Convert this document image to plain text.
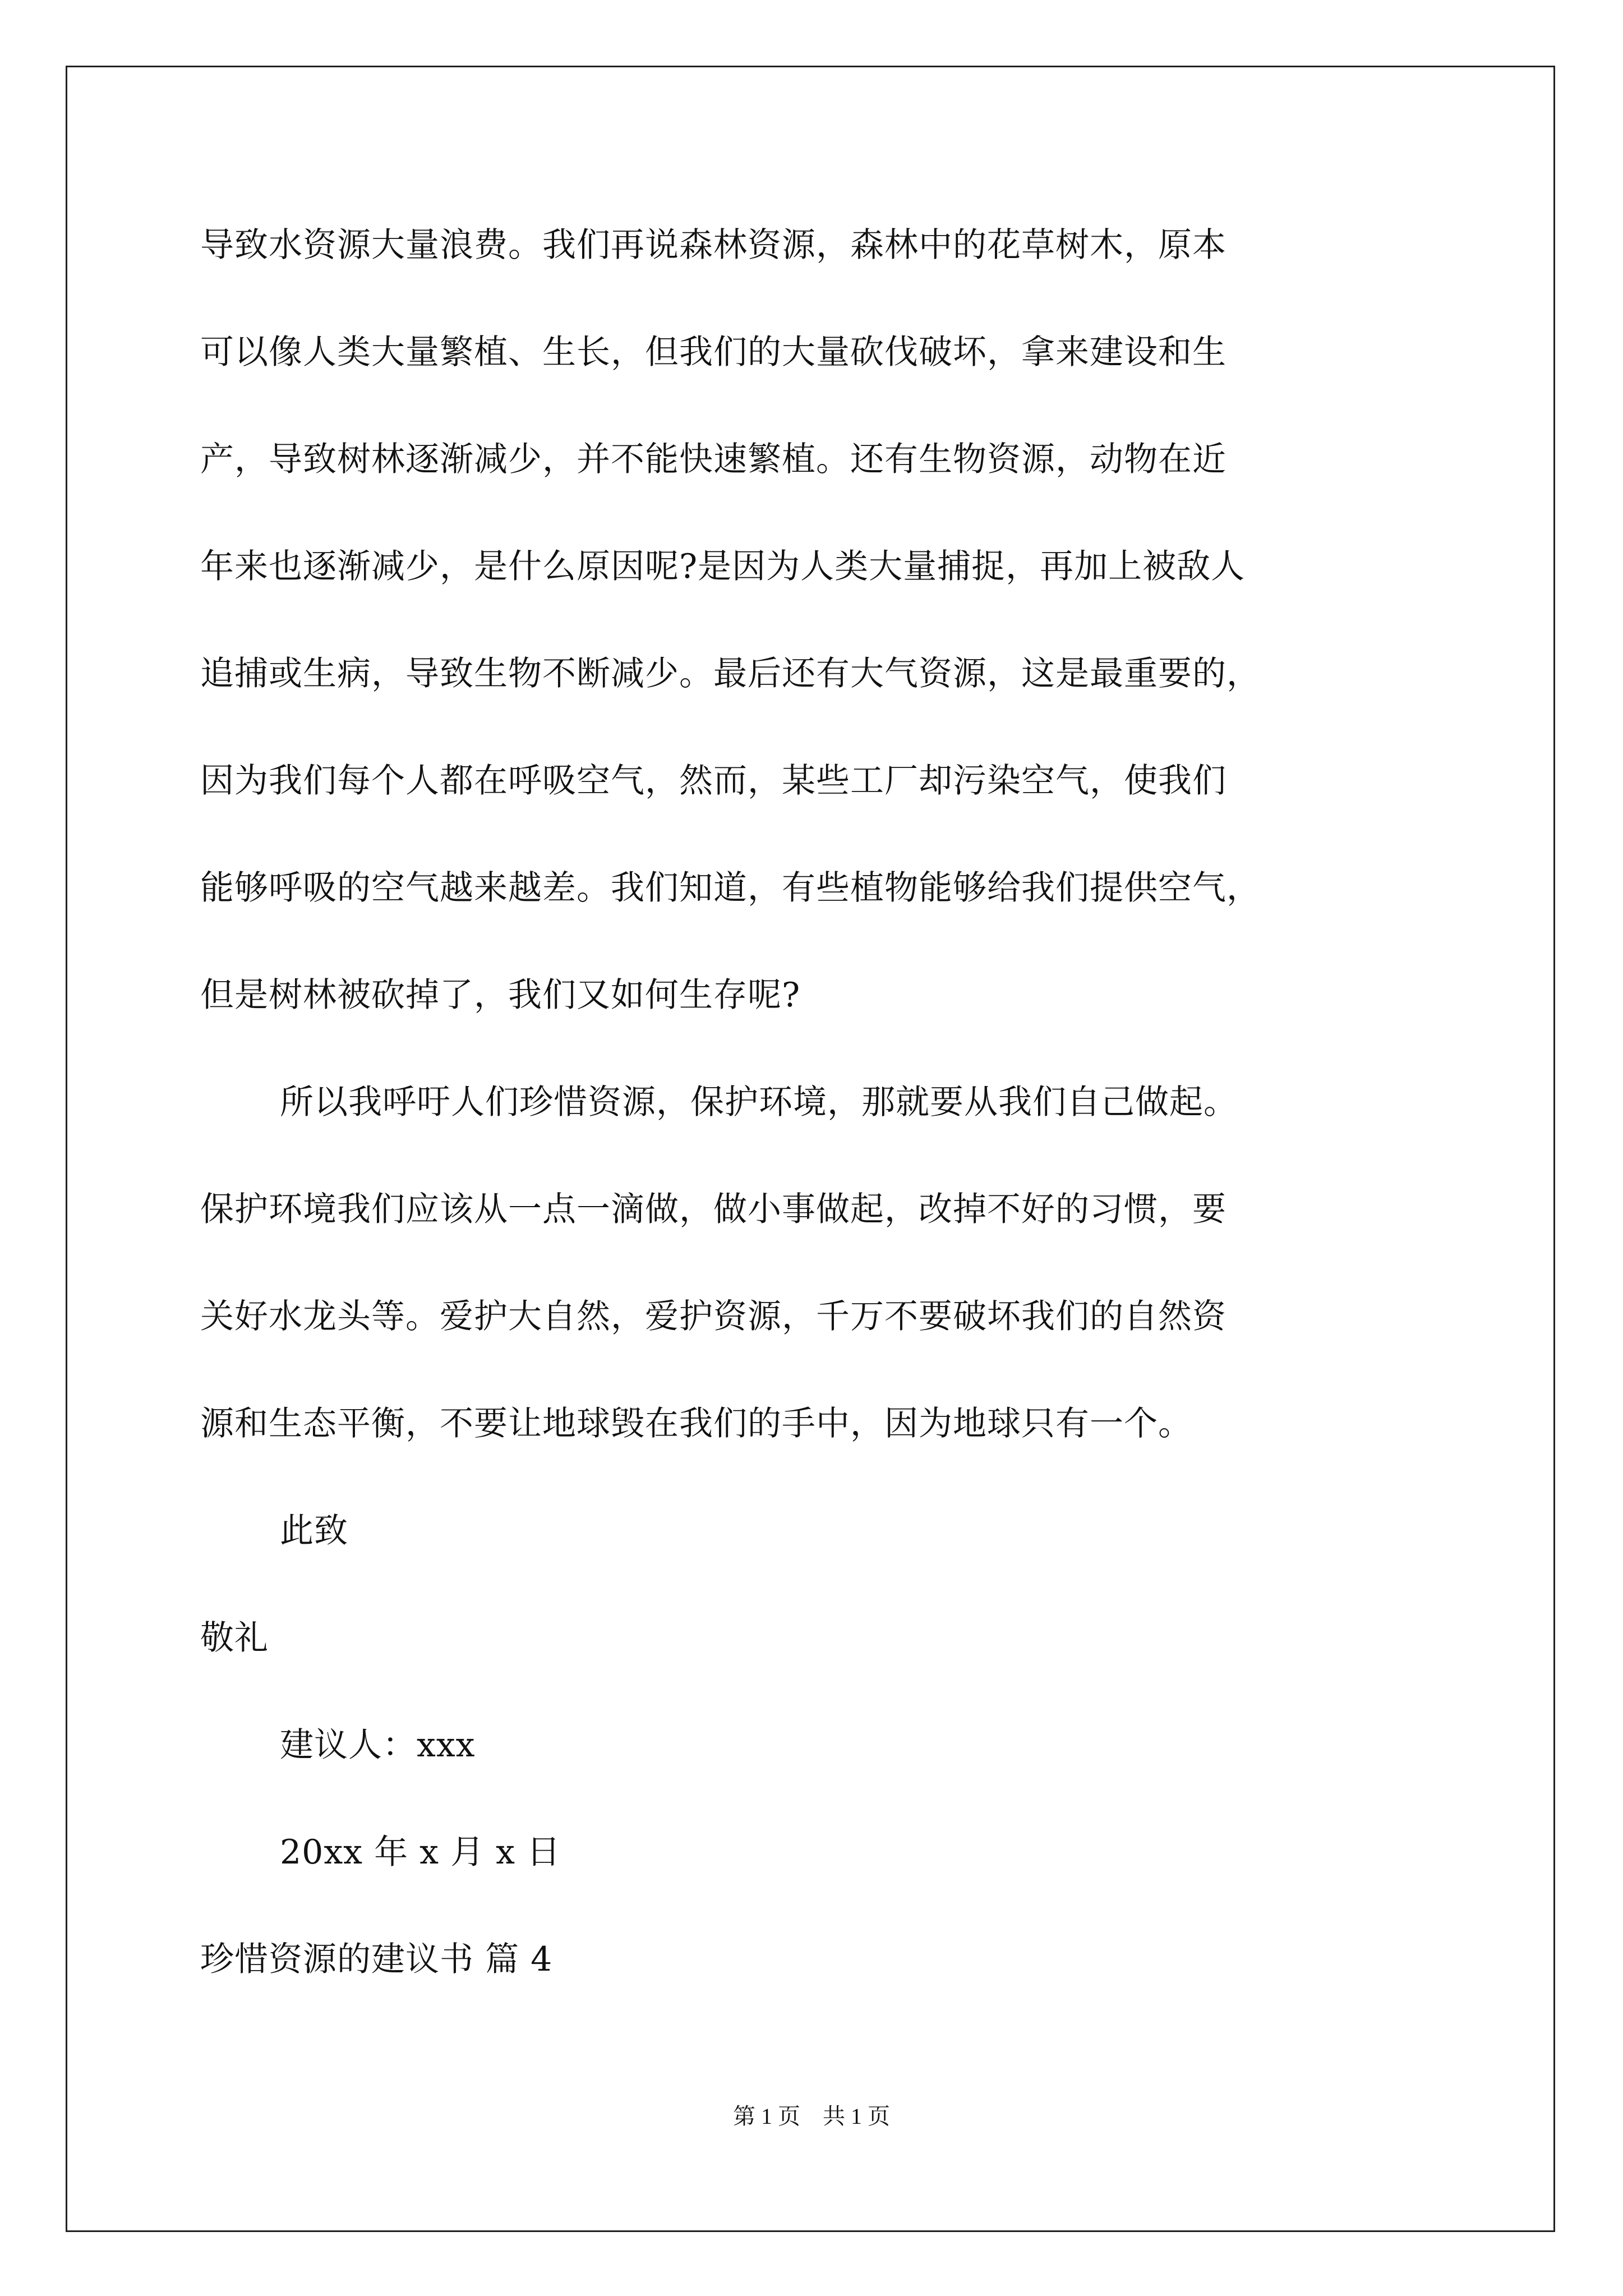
导致水资源大量浪费。我们再说森林资源，森林中的花草树木，原本
可以像人类大量繁植、生长，但我们的大量砍伐破坏，拿来建设和生
产，导致树林逐渐减少，并不能快速繁植。还有生物资源，动物在近
年来也逐渐减少，是什么原因呢?是因为人类大量捕捉，再加上被敌人
追捕或生病，导致生物不断减少。最后还有大气资源，这是最重要的，
因为我们每个人都在呼吸空气，然而，某些工厂却污染空气，使我们
能够呼吸的空气越来越差。我们知道，有些植物能够给我们提供空气，
但是树林被砍掉了，我们又如何生存呢?
所以我呼吁人们珍惜资源，保护环境，那就要从我们自己做起。
保护环境我们应该从一点一滴做，做小事做起，改掉不好的习惯，要
关好水龙头等。爱护大自然，爱护资源，千万不要破坏我们的自然资
源和生态平衡，不要让地球毁在我们的手中，因为地球只有一个。
此致
敬礼
建议人：xxx
20xx 年 x 月 x 日
珍惜资源的建议书 篇 4
第 1 页　共 1 页
